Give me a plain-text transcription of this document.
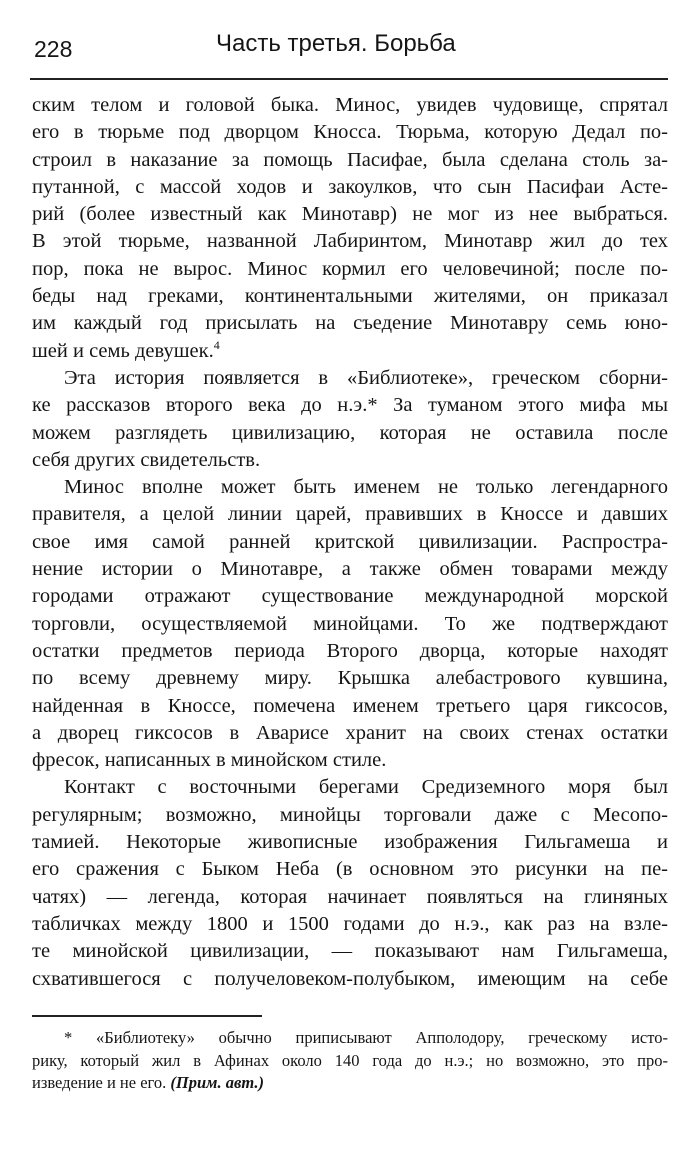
228	Часть третья. Борьба
ским телом и головой быка. Минос, увидев чудовище, спрятал
его в тюрьме под дворцом Кносса. Тюрьма, которую Дедал по-
строил в наказание за помощь Пасифае, была сделана столь за-
путанной, с массой ходов и закоулков, что сын Пасифаи Асте-
рий (более известный как Минотавр) не мог из нее выбраться.
В этой тюрьме, названной Лабиринтом, Минотавр жил до тех
пор, пока не вырос. Минос кормил его человечиной; после по-
беды над греками, континентальными жителями, он приказал
им каждый год присылать на съедение Минотавру семь юно-
шей и семь девушек.$^4$
Эта история появляется в «Библиотеке», греческом сборни-
ке рассказов второго века до н.э.* За туманом этого мифа мы
можем разглядеть цивилизацию, которая не оставила после
себя других свидетельств.
Минос вполне может быть именем не только легендарного
правителя, а целой линии царей, правивших в Кноссе и давших
свое имя самой ранней критской цивилизации. Распростра-
нение истории о Минотавре, а также обмен товарами между
городами отражают существование международной морской
торговли, осуществляемой минойцами. То же подтверждают
остатки предметов периода Второго дворца, которые находят
по всему древнему миру. Крышка алебастрового кувшина,
найденная в Кноссе, помечена именем третьего царя гиксосов,
а дворец гиксосов в Аварисе хранит на своих стенах остатки
фресок, написанных в минойском стиле.
Контакт с восточными берегами Средиземного моря был
регулярным; возможно, минойцы торговали даже с Месопо-
тамией. Некоторые живописные изображения Гильгамеша и
его сражения с Быком Неба (в основном это рисунки на пе-
чатях) — легенда, которая начинает появляться на глиняных
табличках между 1800 и 1500 годами до н.э., как раз на взле-
те минойской цивилизации, — показывают нам Гильгамеша,
схватившегося с получеловеком-полубыком, имеющим на себе
* «Библиотеку» обычно приписывают Апполодору, греческому исто-
рику, который жил в Афинах около 140 года до н.э.; но возможно, это про-
изведение и не его. (Прим. авт.)
